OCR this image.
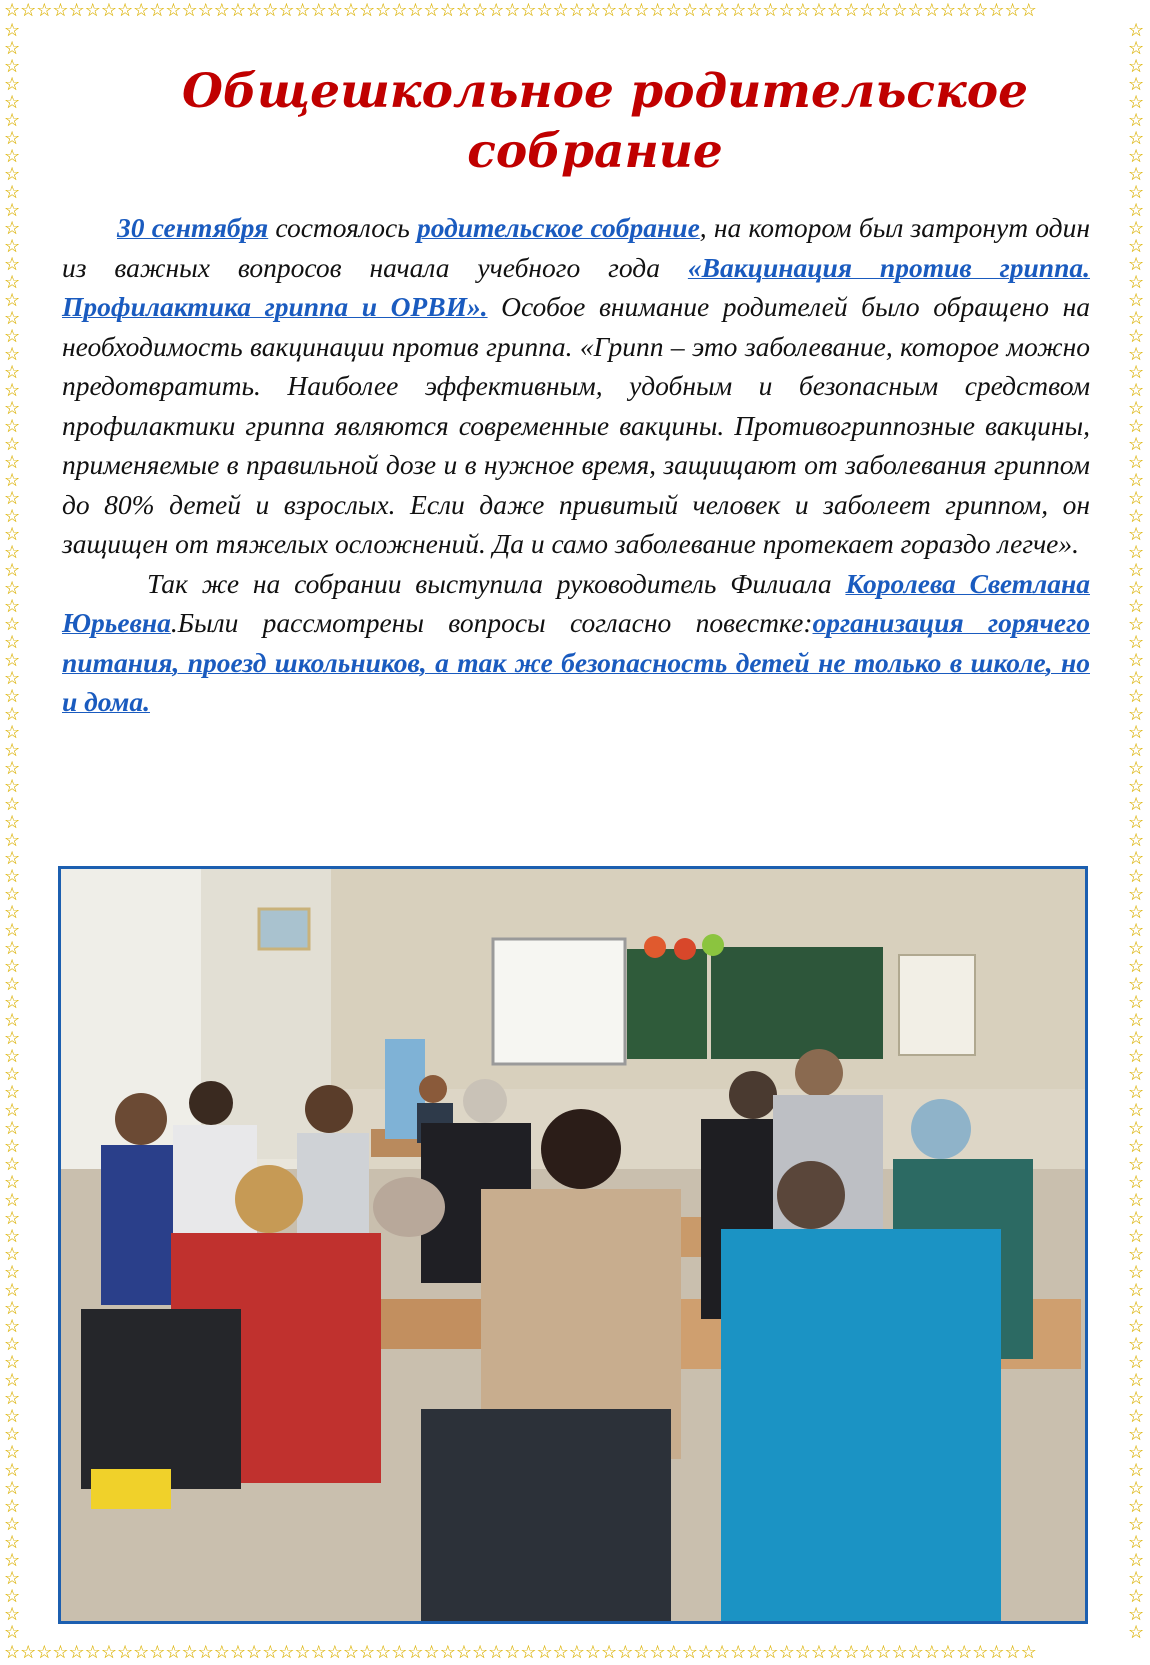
☆☆☆☆☆☆☆☆☆☆☆☆☆☆☆☆☆☆☆☆☆☆☆☆☆☆☆☆☆☆☆☆☆☆☆☆☆☆☆☆☆☆☆☆☆☆☆☆☆☆☆☆☆☆☆☆☆☆☆☆☆☆☆☆
☆☆☆☆☆☆☆☆☆☆☆☆☆☆☆☆☆☆☆☆☆☆☆☆☆☆☆☆☆☆☆☆☆☆☆☆☆☆☆☆☆☆☆☆☆☆☆☆☆☆☆☆☆☆☆☆☆☆☆☆☆☆☆☆
☆☆☆☆☆☆☆☆☆☆☆☆☆☆☆☆☆☆☆☆☆☆☆☆☆☆☆☆☆☆☆☆☆☆☆☆☆☆☆☆☆☆☆☆☆☆☆☆☆☆☆☆☆☆☆☆☆☆☆☆☆☆☆☆☆☆☆☆☆☆☆☆☆☆☆☆☆☆☆☆☆☆☆☆☆☆☆☆☆☆
☆☆☆☆☆☆☆☆☆☆☆☆☆☆☆☆☆☆☆☆☆☆☆☆☆☆☆☆☆☆☆☆☆☆☆☆☆☆☆☆☆☆☆☆☆☆☆☆☆☆☆☆☆☆☆☆☆☆☆☆☆☆☆☆☆☆☆☆☆☆☆☆☆☆☆☆☆☆☆☆☆☆☆☆☆☆☆☆☆☆
Общешкольное родительское
собрание

30 сентября состоялось родительское собрание, на котором был затронут один из важных вопросов начала учебного года «Вакцинация против гриппа. Профилактика гриппа и ОРВИ». Особое внимание родителей было обращено на необходимость вакцинации против гриппа. «Грипп – это заболевание, которое можно предотвратить. Наиболее эффективным, удобным и безопасным средством профилактики гриппа являются современные вакцины. Противогриппозные вакцины, применяемые в правильной дозе и в нужное время, защищают от заболевания гриппом до 80% детей и взрослых. Если даже привитый человек и заболеет гриппом, он защищен от тяжелых осложнений. Да и само заболевание протекает гораздо легче».

Так же на собрании выступила руководитель Филиала Королева Светлана Юрьевна.Были рассмотрены вопросы согласно повестке:организация горячего питания, проезд школьников, а так же безопасность детей не только в школе, но и дома.
